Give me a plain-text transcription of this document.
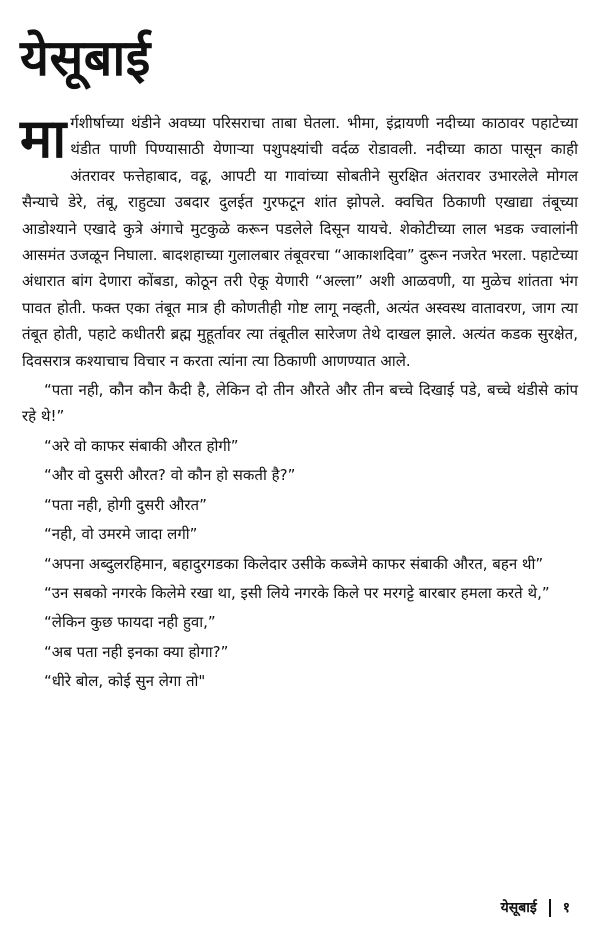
येसूबाई

मार्गशीर्षाच्या थंडीने अवघ्या परिसराचा ताबा घेतला. भीमा, इंद्रायणी नदीच्या काठावर पहाटेच्या थंडीत पाणी पिण्यासाठी येणाऱ्या पशुपक्ष्यांची वर्दळ रोडावली. नदीच्या काठा पासून काही अंतरावर फत्तेहाबाद, वढू, आपटी या गावांच्या सोबतीने सुरक्षित अंतरावर उभारलेले मोगल सैन्याचे डेरे, तंबू, राहुट्या उबदार दुलईत गुरफटून शांत झोपले. क्वचित ठिकाणी एखाद्या तंबूच्या आडोश्याने एखादे कुत्रे अंगाचे मुटकुळे करून पडलेले दिसून यायचे. शेकोटीच्या लाल भडक ज्वालांनी आसमंत उजळून निघाला. बादशहाच्या गुलालबार तंबूवरचा “आकाशदिवा” दुरून नजरेत भरला. पहाटेच्या अंधारात बांग देणारा कोंबडा, कोठून तरी ऐकू येणारी “अल्ला” अशी आळवणी, या मुळेच शांतता भंग पावत होती. फक्त एका तंबूत मात्र ही कोणतीही गोष्ट लागू नव्हती, अत्यंत अस्वस्थ वातावरण, जाग त्या तंबूत होती, पहाटे कधीतरी ब्रह्म मुहूर्तावर त्या तंबूतील सारेजण तेथे दाखल झाले. अत्यंत कडक सुरक्षेत, दिवसरात्र कश्याचाच विचार न करता त्यांना त्या ठिकाणी आणण्यात आले.

“पता नही, कौन कौन कैदी है, लेकिन दो तीन औरते और तीन बच्चे दिखाई पडे, बच्चे थंडीसे कांप रहे थे!”

“अरे वो काफर संबाकी औरत होगी”

“और वो दुसरी औरत? वो कौन हो सकती है?”

“पता नही, होगी दुसरी औरत”

“नही, वो उमरमे जादा लगी”

“अपना अब्दुलरहिमान, बहादुरगडका किलेदार उसीके कब्जेमे काफर संबाकी औरत, बहन थी”

“उन सबको नगरके किलेमे रखा था, इसी लिये नगरके किले पर मरगट्टे बारबार हमला करते थे,”

“लेकिन कुछ फायदा नही हुवा,”

“अब पता नही इनका क्या होगा?”

“धीरे बोल, कोई सुन लेगा तो"

येसूबाई १
